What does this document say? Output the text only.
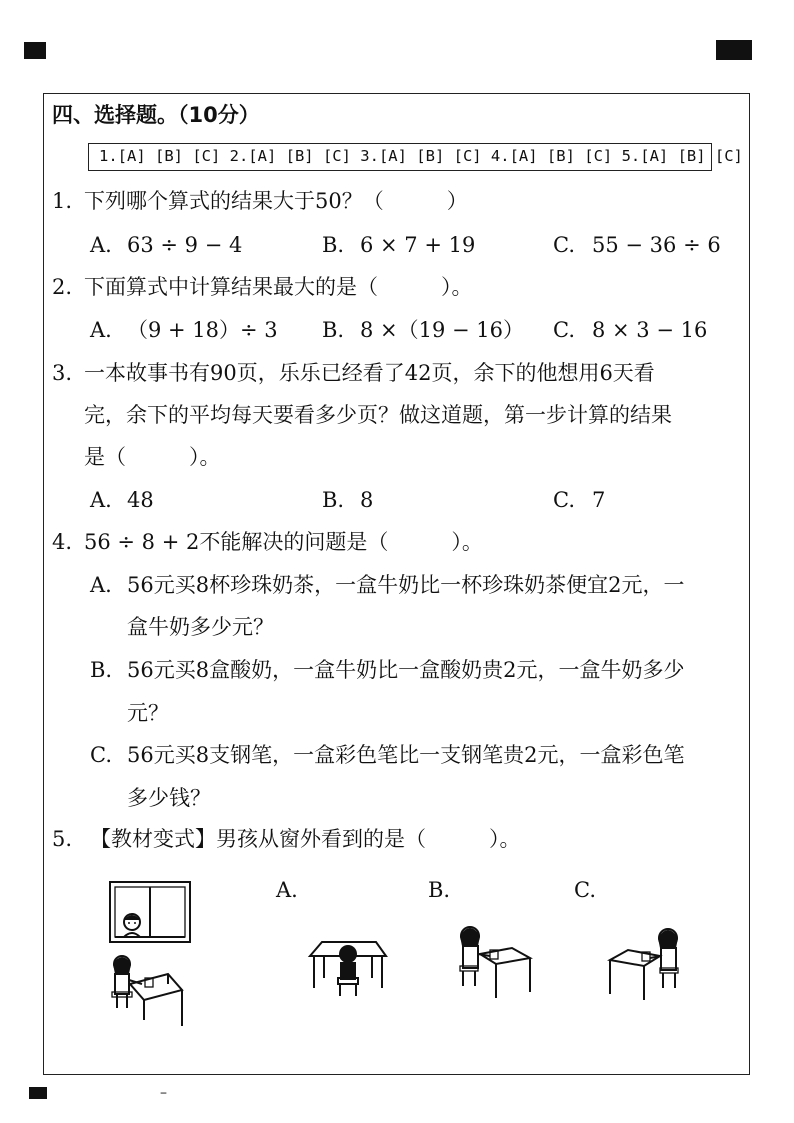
–
四、选择题。（10分）
1.[A] [B] [C] 2.[A] [B] [C] 3.[A] [B] [C] 4.[A] [B] [C] 5.[A] [B] [C]
1. 下列哪个算式的结果大于50？（　　　）
A. 63 ÷ 9 − 4	B. 6 × 7 + 19	C. 55 − 36 ÷ 6
2. 下面算式中计算结果最大的是（　　　）。
A. （9 + 18）÷ 3 B. 8 ×（19 − 16） C. 8 × 3 − 16
3. 一本故事书有90页，乐乐已经看了42页，余下的他想用6天看
完，余下的平均每天要看多少页？做这道题，第一步计算的结果
是（　　　）。
A. 48	B. 8	C. 7
4. 56 ÷ 8 + 2不能解决的问题是（　　　）。
A. 56元买8杯珍珠奶茶，一盒牛奶比一杯珍珠奶茶便宜2元，一
盒牛奶多少元？
B. 56元买8盒酸奶，一盒牛奶比一盒酸奶贵2元，一盒牛奶多少
元？
C. 56元买8支钢笔，一盒彩色笔比一支钢笔贵2元，一盒彩色笔
多少钱？
5. 【教材变式】男孩从窗外看到的是（　　　）。
A.	B.	C.
